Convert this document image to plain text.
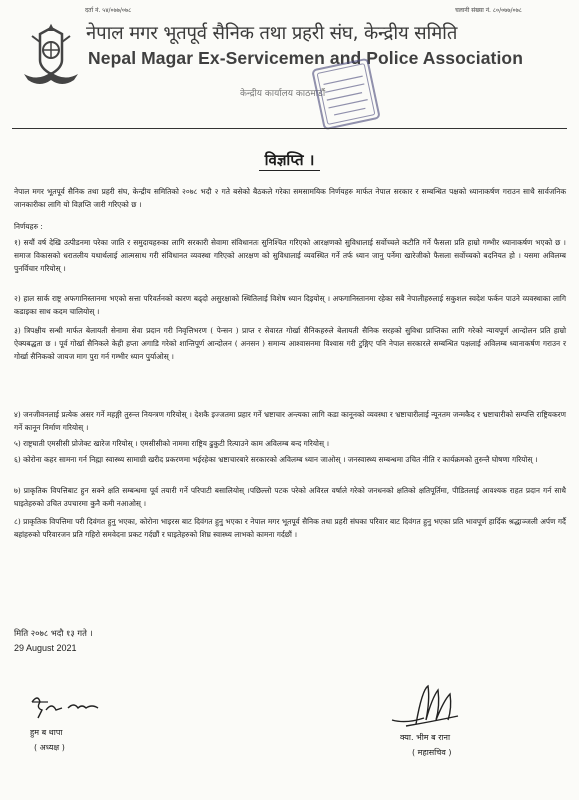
दर्ता नं. ५४/०७७/०७८	चलानी संख्या नं. ८०/०७७/०७८
नेपाल मगर भूतपूर्व सैनिक तथा प्रहरी संघ, केन्द्रीय समिति
Nepal Magar Ex-Servicemen and Police Association
केन्द्रीय कार्यालय काठमाडौं
विज्ञप्ति ।
नेपाल मगर भूतपूर्व सैनिक तथा प्रहरी संघ, केन्द्रीय समितिको २०७८ भदौ २ गते बसेको बैठकले गरेका समसामयिक निर्णयहरु मार्फत नेपाल सरकार र सम्बन्धित पक्षको ध्यानाकर्षण गराउन साथै सार्वजनिक जानकारीका लागि यो विज्ञप्ति जारी गरिएको छ ।
निर्णयहरु :
१) सयौं वर्ष देखि उत्पीडनमा परेका जाति र समुदायहरुका लागि सरकारी सेवामा संविधानतः सुनिश्चित गरिएको आरक्षणको सुविधालाई सर्वोच्चले कटौति गर्ने फैसला प्रति हाम्रो गम्भीर ध्यानाकर्षण भएको छ । समाज विकासको धरातलीय यथार्थलाई आत्मसाथ गरी संविधानत व्यवस्था गरिएको आरक्षण को सुविधालाई व्यवस्थित गर्ने तर्फ ध्यान जानु पर्नेमा खारेजीको फैसला सर्वोच्चको बदनियत हो । यसमा अविलम्ब पुनर्विचार गरियोस् ।
२) हाल सार्क राष्ट्र अफगानिस्तानमा भएको सत्ता परिवर्तनको कारण बढ्दो असुरक्षाको स्थितिलाई विशेष ध्यान दिइयोस् । अफगानिस्तानमा रहेका सबै नेपालीहरुलाई सकुशल स्वदेश फर्कन पाउने व्यवस्थाका लागि कडाइका साथ कदम चालियोस् ।
३) त्रिपक्षीय सन्धी मार्फत बेलायती सेनामा सेवा प्रदान गरी निवृत्तिभरण ( पेन्सन ) प्राप्त र सेवारत गोर्खा सैनिकहरुले बेलायती सैनिक सरहको सुविधा प्राप्तिका लागि गरेको न्यायपूर्ण आन्दोलन प्रति हाम्रो ऐक्यबद्धता छ । पूर्व गोर्खा सैनिकले केही हप्ता अगाडि गरेको शान्तिपूर्ण आन्दोलन ( अनसन ) समान्य आश्वासनमा विश्वास गरी टुङ्गिए पनि नेपाल सरकारले सम्बन्धित पक्षलाई अविलम्ब ध्यानाकर्षण गराउन र गोर्खा सैनिकको जायज माग पुरा गर्न गम्भीर ध्यान पुर्याओस् ।
४) जनजीवनलाई प्रत्येक असर गर्ने महङ्गी तुरुन्त नियन्त्रण गरियोस् । देशकै इज्जतमा प्रहार गर्ने भ्रष्टाचार अन्त्यका लागि कडा कानूनको व्यवस्था र भ्रष्टाचारीलाई न्यूनतम जन्मकैद र भ्रष्टाचारीको सम्पत्ति राष्ट्रियकरण गर्ने कानून निर्माण गरियोस् ।
५) राष्ट्रघाती एमसीसी प्रोजेक्ट खारेज गरियोस् । एमसीसीको नाममा राष्ट्रिय ढुकुटी रित्याउने काम अविलम्ब बन्द गरियोस् ।
६) कोरोना कहर सामना गर्न निह्मा स्वास्थ्य सामाग्री खरीद प्रकरणमा भईरहेका भ्रष्टाचारबारे सरकारको अविलम्ब ध्यान जाओस् । जनस्वास्थ्य सम्बन्धमा उचित नीति र कार्यक्रमको तुरुन्तै घोषणा गरियोस् ।
७) प्राकृतिक विपत्तिबाट हुन सक्ने क्षति सम्बन्धमा पूर्व तयारी गर्ने परिपाटी बसालियोस् ।पछिल्लो पटक परेको अविरल वर्षाले गरेको जनधनको क्षतिको क्षतिपूर्तिमा, पीडितलाई आवश्यक राहत प्रदान गर्न साथै घाइतेहरुको उचित उपचारमा कुनै कमी नआओस् ।
८) प्राकृतिक विपत्तिमा परी दिवंगत हुनु भएका, कोरोना भाइरस बाट दिवंगत हुनु भएका र नेपाल मगर भूतपूर्व सैनिक तथा प्रहरी संघका परिवार बाट दिवंगत हुनु भएका प्रति भावपूर्ण हार्दिक श्रद्धाञ्जली अर्पण गर्दै बहांहरुको परिवारजन प्रति गहिरो समवेदना प्रकट गर्दछौं र घाइतेहरुको शिघ्र स्वास्थ्य लाभको कामना गर्दछौं ।
मिति २०७८ भदौ १३ गते ।
29 August 2021
हुम ब थापा
( अध्यक्ष )
क्या. भीम ब राना
( महासचिव )
